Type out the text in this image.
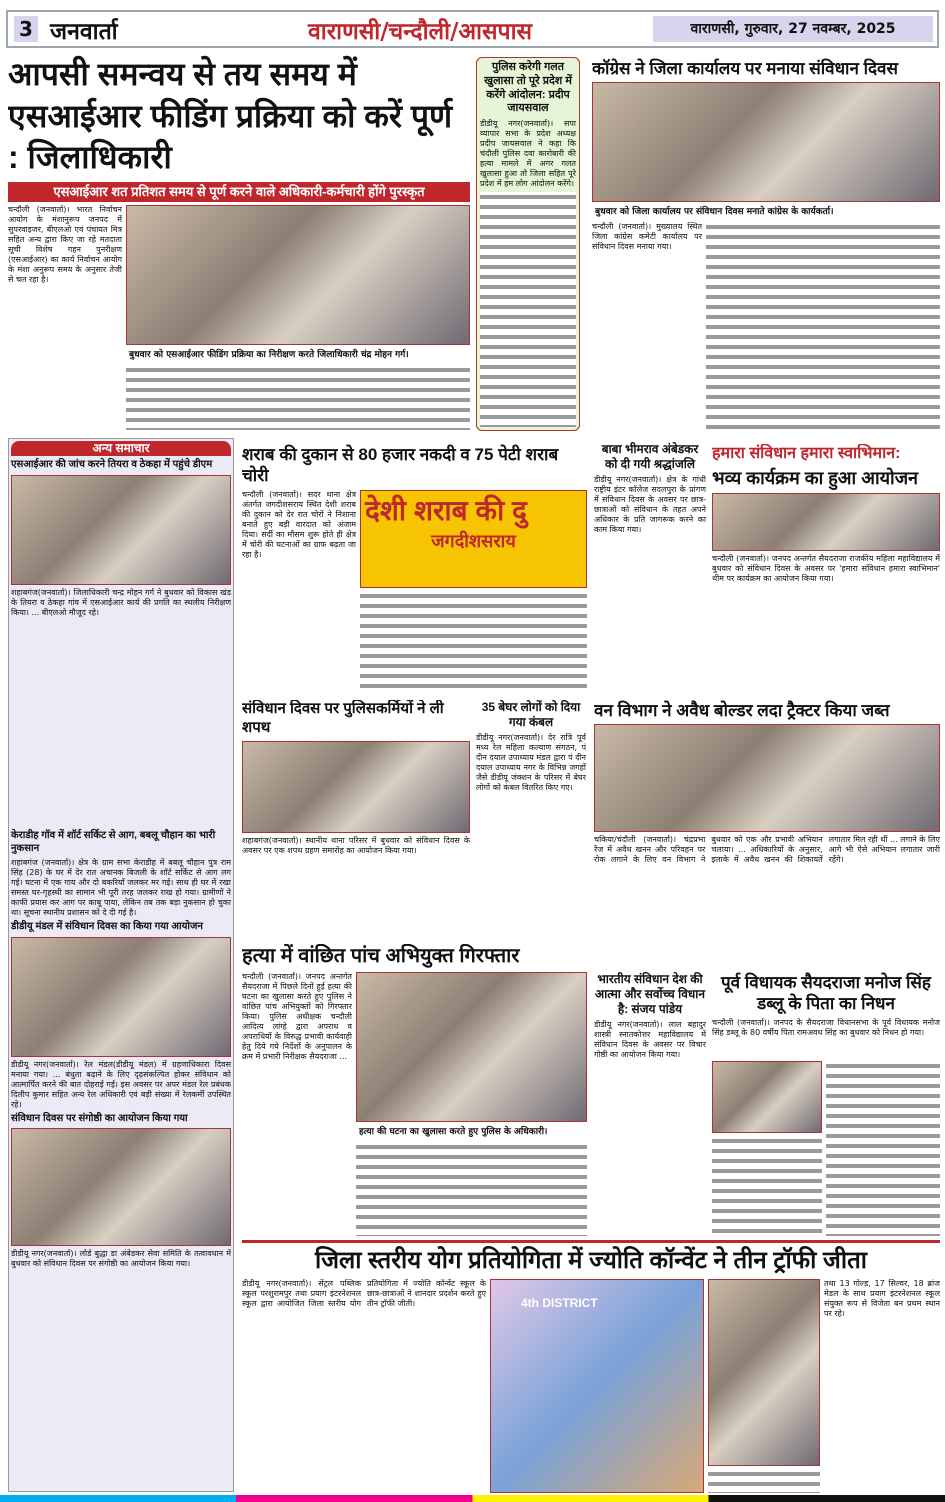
3 जनवार्ता	वाराणसी/चन्दौली/आसपास	वाराणसी, गुरुवार, 27 नवम्बर, 2025
आपसी समन्वय से तय समय में एसआईआर फीडिंग प्रक्रिया को करें पूर्ण : जिलाधिकारी
एसआईआर शत प्रतिशत समय से पूर्ण करने वाले अधिकारी-कर्मचारी होंगे पुरस्कृत
चन्दौली (जनवार्ता)। भारत निर्वाचन आयोग के मंशानुरूप जनपद में सुपरवाइजर, बीएलओ एवं पंचायत मित्र सहित अन्य द्वारा किए जा रहे मतदाता सूची विशेष गहन पुनरीक्षण (एसआईआर) का कार्य निर्वाचन आयोग के मंशा अनुरूप समय के अनुसार तेजी से चल रहा है।
बुधवार को एसआईआर फीडिंग प्रक्रिया का निरीक्षण करते जिलाधिकारी चंद्र मोहन गर्ग।
पुलिस करेगी गलत खुलासा तो पूरे प्रदेश में करेंगे आंदोलन: प्रदीप जायसवाल
डीडीयू नगर(जनवार्ता)। सपा व्यापार सभा के प्रदेश अध्यक्ष प्रदीप जायसवाल ने कहा कि चंदौली पुलिस दवा कारोबारी की हत्या मामले में अगर गलत खुलासा हुआ तो जिला सहित पूरे प्रदेश में हम लोग आंदोलन करेंगे।
कॉग्रेस ने जिला कार्यालय पर मनाया संविधान दिवस
बुधवार को जिला कार्यालय पर संविधान दिवस मनाते कांग्रेस के कार्यकर्ता।
चन्दौली (जनवार्ता)। मुख्यालय स्थित जिला कांग्रेस कमेटी कार्यालय पर संविधान दिवस मनाया गया।
अन्य समाचार
एसआईआर की जांच करने तियरा व ठेकहा में पहुंचे डीएम
शहाबगंज(जनवार्ता)। जिलाधिकारी चन्द्र मोहन गर्ग ने बुधवार को विकास खंड के तियरा व ठेकहा गांव में एसआईआर कार्य की प्रगति का स्थलीय निरीक्षण किया। ... बीएलओ मौजूद रहे।
केराडीह गॉव में शॉर्ट सर्किट से आग, बबलू चौहान का भारी नुकसान
शहाबगंज (जनवार्ता)। क्षेत्र के ग्राम सभा केराडीह में बबलू चौहान पुत्र राम सिंह (28) के घर में देर रात अचानक बिजली के शॉर्ट सर्किट से आग लग गई। घटना में एक गाय और दो बकरियाँ जलकर मर गई। साथ ही घर में रखा समस्त घर-गृहस्थी का सामान भी पूरी तरह जलकर राख हो गया। ग्रामीणों ने काफी प्रयास कर आग पर काबू पाया, लेकिन तब तक बड़ा नुकसान हो चुका था। सूचना स्थानीय प्रशासन को दे दी गई है।
डीडीयू मंडल में संविधान दिवस का किया गया आयोजन
डीडीयू नगर(जनवार्ता)। रेल मंडल(डीडीयू मंडल) में ग्रहणाधिकारा दिवस मनाया गया। ... बंधुता बढ़ाने के लिए दृढ़संकल्पित होकर संविधान को आत्मार्पित करने की बात दोहराई गई। इस अवसर पर अपर मंडल रेल प्रबंधक दिलीप कुमार सहित अन्य रेल अधिकारी एवं बड़ी संख्या में रेलकर्मी उपस्थित रहे।
संविधान दिवस पर संगोष्ठी का आयोजन किया गया
डीडीयू नगर(जनवार्ता)। लोर्ड बुद्धा डा अंबेडकर सेवा समिति के तत्वावधान में बुधवार को संविधान दिवस पर संगोष्ठी का आयोजन किया गया।
शराब की दुकान से 80 हजार नकदी व 75 पेटी शराब चोरी
चन्दौली (जनवार्ता)। सदर थाना क्षेत्र अंतर्गत जगदीशसराय स्थित देशी शराब की दुकान को देर रात चोरों ने निशाना बनाते हुए बड़ी वारदात को अंजाम दिया। सर्दी का मौसम शुरू होते ही क्षेत्र में चोरी की घटनाओं का ग्राफ बढ़ता जा रहा है।
देशी शराब की दु
जगदीशसराय
बाबा भीमराव अंबेडकर को दी गयी श्रद्धांजलि
डीडीयू नगर(जनवार्ता)। क्षेत्र के गांधी राष्ट्रीय इंटर कॉलेज सदलपुरा के प्रांगण में संविधान दिवस के अवसर पर छात्र-छात्राओं को संविधान के तहत अपने अधिकार के प्रति जागरूक करने का काम किया गया।
हमारा संविधान हमारा स्वाभिमान:
भव्य कार्यक्रम का हुआ आयोजन
चन्दौली (जनवार्ता)। जनपद अन्तर्गत सैयदराजा राजकीय महिला महाविद्यालय में बुधवार को संविधान दिवस के अवसर पर 'हमारा संविधान हमारा स्वाभिमान' थीम पर कार्यक्रम का आयोजन किया गया।
संविधान दिवस पर पुलिसकर्मियों ने ली शपथ
शहाबगंज(जनवार्ता)। स्थानीय थाना परिसर में बुधवार को संविधान दिवस के अवसर पर एक शपथ ग्रहण समारोह का आयोजन किया गया।
35 बेघर लोगों को दिया गया कंबल
डीडीयू नगर(जनवार्ता)। देर रात्रि पूर्व मध्य रेल महिला कल्याण संगठन, पं दीन दयाल उपाध्याय मंडल द्वारा पं दीन दयाल उपाध्याय नगर के विभिन्न जगहों जैसे डीडीयू जंक्शन के परिसर में बेघर लोगों को कंबल वितरित किए गए।
वन विभाग ने अवैध बोल्डर लदा ट्रैक्टर किया जब्त
चकिया/चंदौली (जनवार्ता)। चंद्रप्रभा रेंज में अवैध खनन और परिवहन पर रोक लगाने के लिए वन विभाग ने बुधवार को एक और प्रभावी अभियान चलाया। ... अधिकारियों के अनुसार, इलाके में अवैध खनन की शिकायतें लगातार मिल रही थीं ... लगाने के लिए आगे भी ऐसे अभियान लगातार जारी रहेंगे।
हत्या में वांछित पांच अभियुक्त गिरफ्तार
चन्दौली (जनवार्ता)। जनपद अन्तर्गत सैयदराजा में पिछले दिनों हुई हत्या की घटना का खुलासा करते हुए पुलिस ने वांछित पांच अभियुक्तों को गिरफ्तार किया। पुलिस अधीक्षक चन्दौली आदित्य लांग्हे द्वारा अपराध व अपराधियों के विरुद्ध प्रभावी कार्यवाही हेतु दिये गये निर्देशों के अनुपालन के क्रम में प्रभारी निरीक्षक सैयदराजा ...
हत्या की घटना का खुलासा करते हुए पुलिस के अधिकारी।
भारतीय संविधान देश की आत्मा और सर्वोच्च विधान है: संजय पांडेय
डीडीयू नगर(जनवार्ता)। लाल बहादुर शास्त्री स्नातकोत्तर महाविद्यालय में संविधान दिवस के अवसर पर विचार गोष्ठी का आयोजन किया गया।
पूर्व विधायक सैयदराजा मनोज सिंह डब्लू के पिता का निधन
चन्दौली (जनवार्ता)। जनपद के सैयदराजा विधानसभा के पूर्व विधायक मनोज सिंह डब्लू के 80 वर्षीय पिता रामअवध सिंह का बुधवार को निधन हो गया।
जिला स्तरीय योग प्रतियोगिता में ज्योति कॉन्वेंट ने तीन ट्रॉफी जीता
डीडीयू नगर(जनवार्ता)। सेंट्रल पब्लिक स्कूल परशुरामपुर तथा प्रयाग इंटरनेशनल स्कूल द्वारा आयोजित जिला स्तरीय योग प्रतियोगिता में ज्योति कॉन्वेंट स्कूल के छात्र-छात्राओं ने शानदार प्रदर्शन करते हुए तीन ट्रॉफी जीती।	4th DISTRICT
तथा 13 गोल्ड, 17 सिल्वर, 18 ब्रांज मेडल के साथ प्रयाग इंटरनेशनल स्कूल संयुक्त रूप से विजेता बन प्रथम स्थान पर रहे।
